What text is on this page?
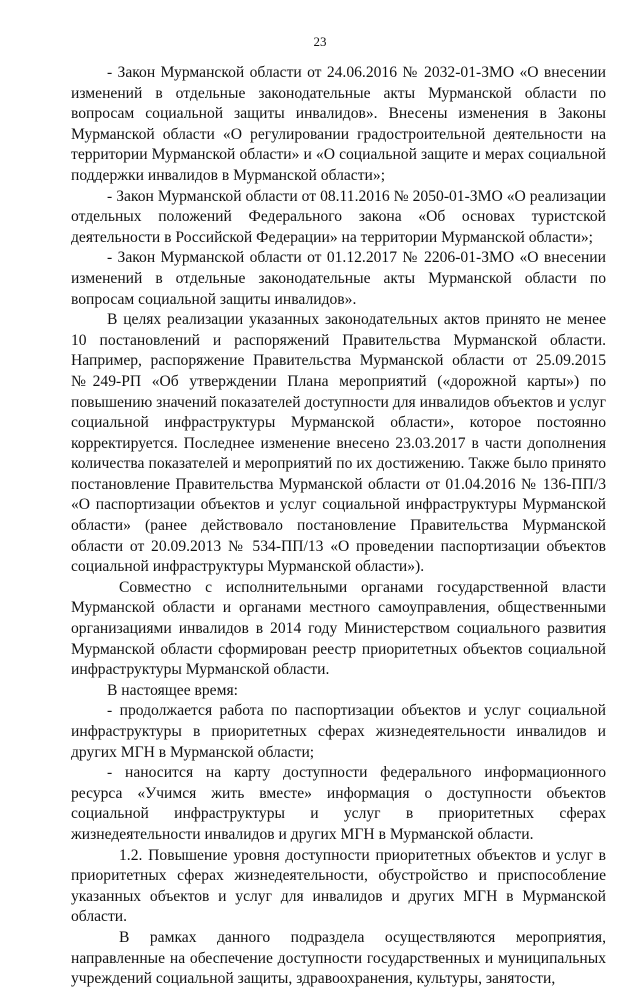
23

- Закон Мурманской области от 24.06.2016 № 2032-01-ЗМО «О внесении изменений в отдельные законодательные акты Мурманской области по вопросам социальной защиты инвалидов». Внесены изменения в Законы Мурманской области «О регулировании градостроительной деятельности на территории Мурманской области» и «О социальной защите и мерах социальной поддержки инвалидов в Мурманской области»;

- Закон Мурманской области от 08.11.2016 № 2050-01-ЗМО «О реализации отдельных положений Федерального закона «Об основах туристской деятельности в Российской Федерации» на территории Мурманской области»;

- Закон Мурманской области от 01.12.2017 № 2206-01-ЗМО «О внесении изменений в отдельные законодательные акты Мурманской области по вопросам социальной защиты инвалидов».

В целях реализации указанных законодательных актов принято не менее 10 постановлений и распоряжений Правительства Мурманской области. Например, распоряжение Правительства Мурманской области от 25.09.2015 №249-РП «Об утверждении Плана мероприятий («дорожной карты») по повышению значений показателей доступности для инвалидов объектов и услуг социальной инфраструктуры Мурманской области», которое постоянно корректируется. Последнее изменение внесено 23.03.2017 в части дополнения количества показателей и мероприятий по их достижению. Также было принято постановление Правительства Мурманской области от 01.04.2016 № 136-ПП/3 «О паспортизации объектов и услуг социальной инфраструктуры Мурманской области» (ранее действовало постановление Правительства Мурманской области от 20.09.2013 № 534-ПП/13 «О проведении паспортизации объектов социальной инфраструктуры Мурманской области»).

Совместно с исполнительными органами государственной власти Мурманской области и органами местного самоуправления, общественными организациями инвалидов в 2014 году Министерством социального развития Мурманской области сформирован реестр приоритетных объектов социальной инфраструктуры Мурманской области.

В настоящее время:

- продолжается работа по паспортизации объектов и услуг социальной инфраструктуры в приоритетных сферах жизнедеятельности инвалидов и других МГН в Мурманской области;

- наносится на карту доступности федерального информационного ресурса «Учимся жить вместе» информация о доступности объектов социальной инфраструктуры и услуг в приоритетных сферах жизнедеятельности инвалидов и других МГН в Мурманской области.

1.2. Повышение уровня доступности приоритетных объектов и услуг в приоритетных сферах жизнедеятельности, обустройство и приспособление указанных объектов и услуг для инвалидов и других МГН в Мурманской области.

В рамках данного подраздела осуществляются мероприятия, направленные на обеспечение доступности государственных и муниципальных учреждений социальной защиты, здравоохранения, культуры, занятости,
